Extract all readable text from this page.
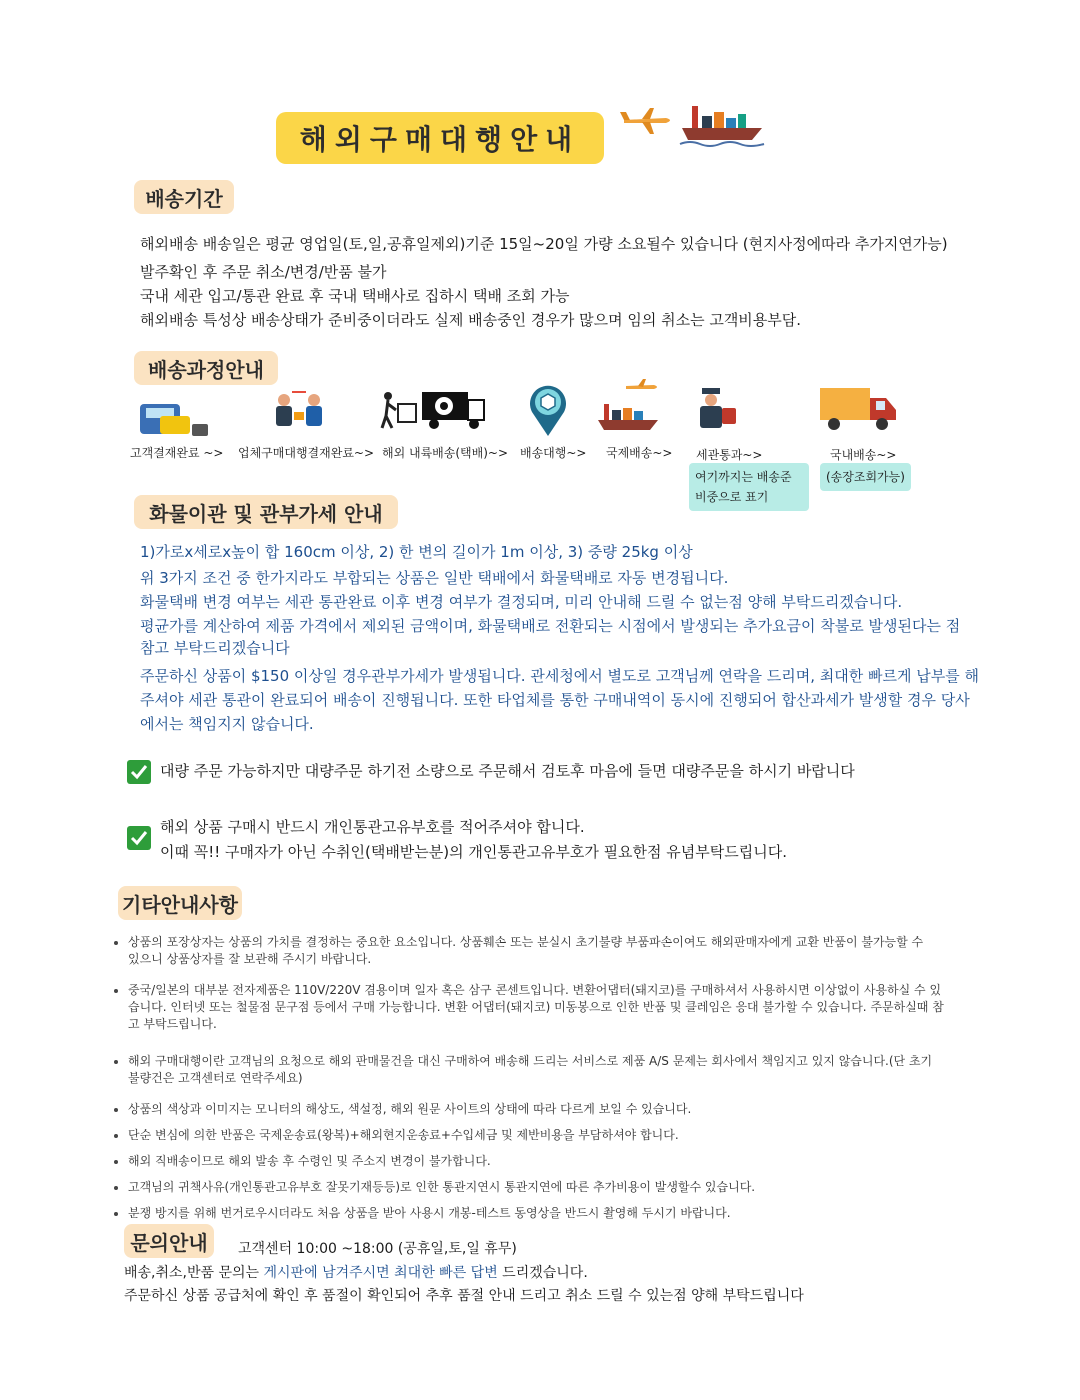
해외구매대행안내
배송기간
해외배송 배송일은 평균 영업일(토,일,공휴일제외)기준 15일~20일 가량 소요될수 있습니다 (현지사정에따라 추가지연가능)
발주확인 후 주문 취소/변경/반품 불가
국내 세관 입고/통관 완료 후 국내 택배사로 집하시 택배 조회 가능
해외배송 특성상 배송상태가 준비중이더라도 실제 배송중인 경우가 많으며 임의 취소는 고객비용부담.
배송과정안내
고객결재완료 ~> 업체구매대행결재완료~> 해외 내륙배송(택배)~> 배송대행~> 국제배송~> 세관통과~>	국내배송~>
여기까지는 배송준비중으로 표기
(송장조회가능)
화물이관 및 관부가세 안내
1)가로x세로x높이 합 160cm 이상, 2) 한 변의 길이가 1m 이상, 3) 중량 25kg 이상
위 3가지 조건 중 한가지라도 부합되는 상품은 일반 택배에서 화물택배로 자동 변경됩니다.
화물택배 변경 여부는 세관 통관완료 이후 변경 여부가 결정되며, 미리 안내해 드릴 수 없는점 양해 부탁드리겠습니다.
평균가를 계산하여 제품 가격에서 제외된 금액이며, 화물택배로 전환되는 시점에서 발생되는 추가요금이 착불로 발생된다는 점
참고 부탁드리겠습니다
주문하신 상품이 $150 이상일 경우관부가세가 발생됩니다. 관세청에서 별도로 고객님께 연락을 드리며, 최대한 빠르게 납부를 해
주셔야 세관 통관이 완료되어 배송이 진행됩니다. 또한 타업체를 통한 구매내역이 동시에 진행되어 합산과세가 발생할 경우 당사
에서는 책임지지 않습니다.
대량 주문 가능하지만 대량주문 하기전 소량으로 주문해서 검토후 마음에 들면 대량주문을 하시기 바랍니다
해외 상품 구매시 반드시 개인통관고유부호를 적어주셔야 합니다.
이때 꼭!! 구매자가 아닌 수취인(택배받는분)의 개인통관고유부호가 필요한점 유념부탁드립니다.
기타안내사항
상품의 포장상자는 상품의 가치를 결정하는 중요한 요소입니다. 상품훼손 또는 분실시 초기불량 부품파손이여도 해외판매자에게 교환 반품이 불가능할 수
있으니 상품상자를 잘 보관해 주시기 바랍니다.
중국/일본의 대부분 전자제품은 110V/220V 겸용이며 일자 혹은 삼구 콘센트입니다. 변환어댑터(돼지코)를 구매하셔서 사용하시면 이상없이 사용하실 수 있
습니다. 인터넷 또는 철물점 문구점 등에서 구매 가능합니다. 변환 어댑터(돼지코) 미동봉으로 인한 반품 및 클레임은 응대 불가할 수 있습니다. 주문하실때 참
고 부탁드립니다.
해외 구매대행이란 고객님의 요청으로 해외 판매물건을 대신 구매하여 배송해 드리는 서비스로 제품 A/S 문제는 회사에서 책임지고 있지 않습니다.(단 초기
불량건은 고객센터로 연락주세요)
상품의 색상과 이미지는 모니터의 해상도, 색설정, 해외 원문 사이트의 상태에 따라 다르게 보일 수 있습니다.
단순 변심에 의한 반품은 국제운송료(왕복)+해외현지운송료+수입세금 및 제반비용을 부담하셔야 합니다.
해외 직배송이므로 해외 발송 후 수령인 및 주소지 변경이 불가합니다.
고객님의 귀책사유(개인통관고유부호 잘못기재등등)로 인한 통관지연시 통관지연에 따른 추가비용이 발생할수 있습니다.
분쟁 방지를 위해 번거로우시더라도 처음 상품을 받아 사용시 개봉-테스트 동영상을 반드시 촬영해 두시기 바랍니다.
문의안내	고객센터 10:00 ~18:00 (공휴일,토,일 휴무)
배송,취소,반품 문의는 게시판에 남겨주시면 최대한 빠른 답변 드리겠습니다.
주문하신 상품 공급처에 확인 후 품절이 확인되어 추후 품절 안내 드리고 취소 드릴 수 있는점 양해 부탁드립니다
